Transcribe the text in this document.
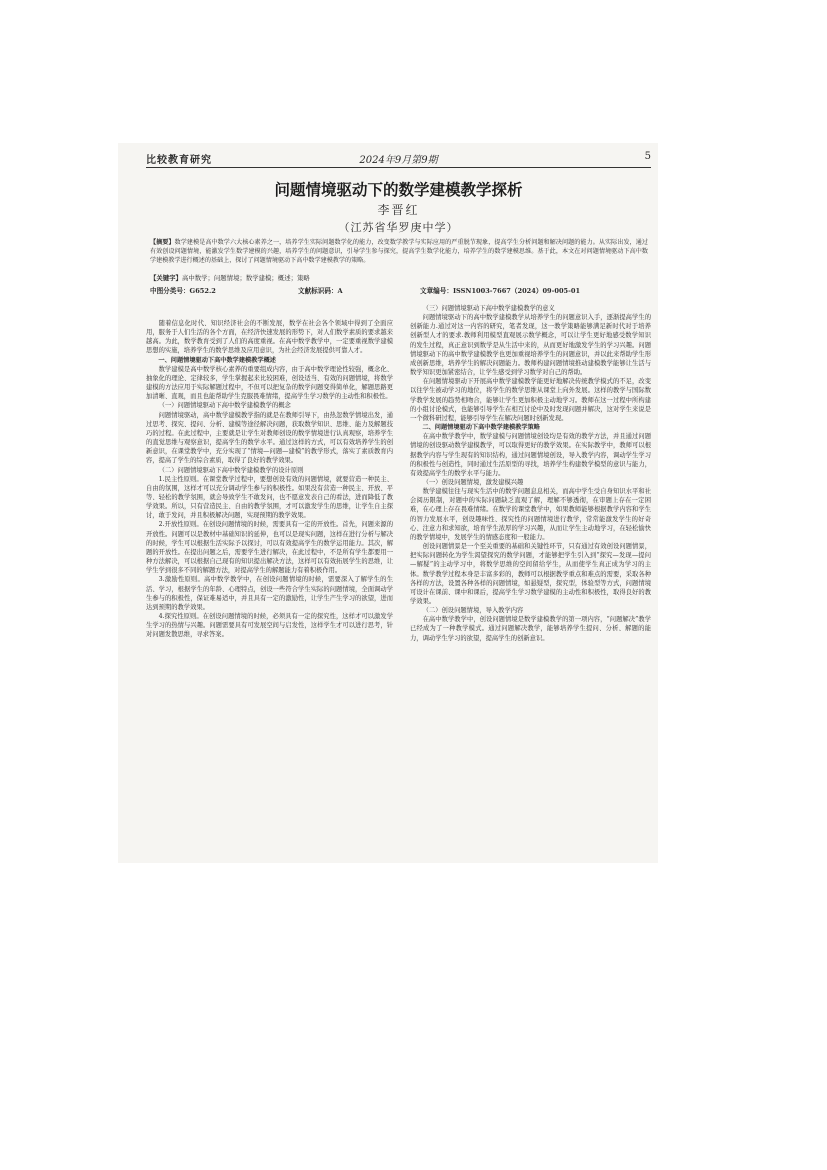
比较教育研究	2024年9月第9期	5
问题情境驱动下的数学建模教学探析
李晋红
（江苏省华罗庚中学）
【摘要】数学建模是高中数学六大核心素养之一，培养学生实际问题数学化的能力，改变数学教学与实际应用的严重脱节现象，提高学生分析问题和解决问题的能力。从实际出发，通过有效创设问题情境，能激发学生数学建模的兴趣，培养学生的问题意识，引导学生参与探究，提高学生数学化能力，培养学生的数学建模思维。基于此，本文在对问题情境驱动下高中数学建模教学进行概述的基础上，探讨了问题情境驱动下高中数学建模教学的策略。
【关键字】高中数学；问题情境；数学建模；概述；策略
中图分类号：G652.2	文献标识码：A	文章编号：ISSN1003-7667（2024）09-005-01

随着信息化时代、知识经济社会的不断发展，数学在社会各个领域中得到了全面应用，服务于人们生活的各个方面，在经济快速发展的形势下，对人们数学素质的要求越来越高。为此，数学教育受到了人们的高度重视。在高中数学教学中，一定要重视数学建模思想的实施，培养学生的数学思维及应用意识，为社会经济发展提供可靠人才。

一、问题情境驱动下高中数学建模教学概述

数学建模是高中数学核心素养的重要组成内容，由于高中数学理论性较强，概念化、抽象化的理论、定律较多，学生掌握起来比较困难，创设适当、有效的问题情境，将数学建模的方法应用于实际解题过程中，不但可以把复杂的数学问题变得简单化，解题思路更加清晰、直观，而且也能帮助学生克服畏难情绪，提高学生学习数学的主动性和积极性。

（一）问题情境驱动下高中数学建模教学的概念

问题情境驱动，高中数学建模教学指的就是在教师引导下，由热忽数学情境出发，通过思考、探究、提问、分析、建模等途径解决问题，获取数学知识、思维、能力及解题技巧的过程。在此过程中，主要就是让学生对教师创设的数学情境进行认真观察，培养学生的直觉思维与观察意识，提高学生的数学水平。通过这样的方式，可以有效培养学生的创新意识，在课堂教学中，充分实现了“情境—问题—建模”的教学形式，落实了素质教育内容，提高了学生的综合素质，取得了良好的教学效果。

（二）问题情境驱动下高中数学建模教学的设计原则

1.民主性原则。在课堂教学过程中，要想创设有效的问题情境，就要营造一种民主、自由的氛围，这样才可以充分调动学生参与的积极性。如果没有营造一种民主、开放、平等、轻松的教学氛围，就会导致学生不敢发问，也不愿意发表自己的看法，进而降低了教学效果。所以，只有营造民主、自由的教学氛围，才可以激发学生的思维，让学生自主探讨，敢于发问，并且积极解决问题，实现预期的教学效果。

2.开放性原则。在创设问题情境的时候，需要具有一定的开放性。首先，问题来源的开放性。问题可以是教材中基础知识的延伸，也可以是现实问题，这样在进行分析与解决的时候，学生可以根据生活实际予以探讨，可以有效提高学生的数学运用能力。其次，解题的开放性。在提出问题之后，需要学生进行解决，在此过程中，不是所有学生都要用一种方法解决，可以根据自己现有的知识提出解决方法，这样可以有效拓展学生的思维，让学生学到很多不同的解题方法，对提高学生的解题能力有着积极作用。

3.激励性原则。高中数学教学中，在创设问题情境的时候，需要深入了解学生的生活、学习，根据学生的年龄、心理特点，创设一些符合学生实际的问题情境，全面调动学生参与的积极性，保证难易适中，并且具有一定的激励性，让学生产生学习的欲望，进而达到预期的教学效果。

4.探究性原则。在创设问题情境的时候，必须具有一定的探究性，这样才可以激发学生学习的热情与兴趣。问题需要具有可发展空间与启发性，这样学生才可以进行思考，针对问题发散思维，寻求答案。

（三）问题情境驱动下高中数学建模教学的意义

问题情境驱动下的高中数学建模教学从培养学生的问题意识入手，逐渐提高学生的创新能力.通过对这一内容的研究，笔者发现，这一教学策略能够满足新时代对于培养创新型人才的要求.教师利用模型直观展示数学概念，可以让学生更好地感受数学知识的发生过程，真正意识到数学是从生活中来的，从而更好地激发学生的学习兴趣。问题情境驱动下的高中数学建模教学也更加重视培养学生的问题意识，并以此来帮助学生形成创新思维，培养学生的解决问题能力。教师构建问题情境推动建模教学能够让生活与数学知识更加紧密结合，让学生感受到学习数学对自己的帮助。

在问题情境驱动下开展高中数学建模教学能更好地解决传统教学模式的不足，改变以往学生被动学习的地位，将学生的数学思维从课堂上向外发展。这样的教学与国际数学教学发展的趋势相吻合，能够让学生更加积极主动地学习。教师在这一过程中所构建的小组讨论模式，也能够引导学生在相互讨论中及时发现问题并解决，这对学生来说是一个微科研过程，能够引导学生在解决问题时创新发现。

二、问题情境驱动下高中数学建模教学策略

在高中数学教学中，数学建模与问题情境创设均是有效的教学方法，并且通过问题情境的创设驱动数学建模教学，可以取得更好的教学效果。在实际教学中，教师可以根据教学内容与学生现有的知识结构，通过问题情境创设，导入教学内容，调动学生学习的积极性与创造性，同时通过生活原型的寻找，培养学生构建数学模型的意识与能力，有效提高学生的数学水平与能力。

（一）创设问题情境，激发建模兴趣

数学建模往往与现实生活中的数学问题息息相关，而高中学生受自身知识水平和社会阅历限制，对题中的实际问题缺乏直观了解，理解不够透彻，在审题上存在一定困难，在心理上存在畏难情绪。在数学的课堂教学中，如果教师能够根据教学内容和学生的智力发展水平，创设趣味性、探究性的问题情境进行教学，常常能激发学生的好奇心、注意力和求知欲，培育学生浓厚的学习兴趣，从而让学生主动地学习，在轻松愉快的教学情境中，发展学生的情感态度和一般能力。

创设问题情景是一个至关重要的基础和关键性环节，只有通过有效创设问题情景，把实际问题转化为学生渴望探究的数学问题，才能够把学生引入到“探究—发现—提问—解疑”的主动学习中，将数学思维的空间留给学生，从而使学生真正成为学习的主体。数学教学过程本身是丰富多彩的，教师可以根据教学重点和难点的需要，采取各种各样的方法，设置各种各样的问题情境，如悬疑型，探究型，体验型等方式，问题情境可设计在课前、课中和课后，提高学生学习数学建模的主动性和积极性，取得良好的教学效果。

（二）创设问题情境，导入教学内容

在高中数学教学中，创设问题情境是数学建模教学的第一项内容，“问题解决”教学已经成为了一种教学模式。通过问题解决教学，能够培养学生提问、分析、解题的能力，调动学生学习的欲望，提高学生的创新意识。
